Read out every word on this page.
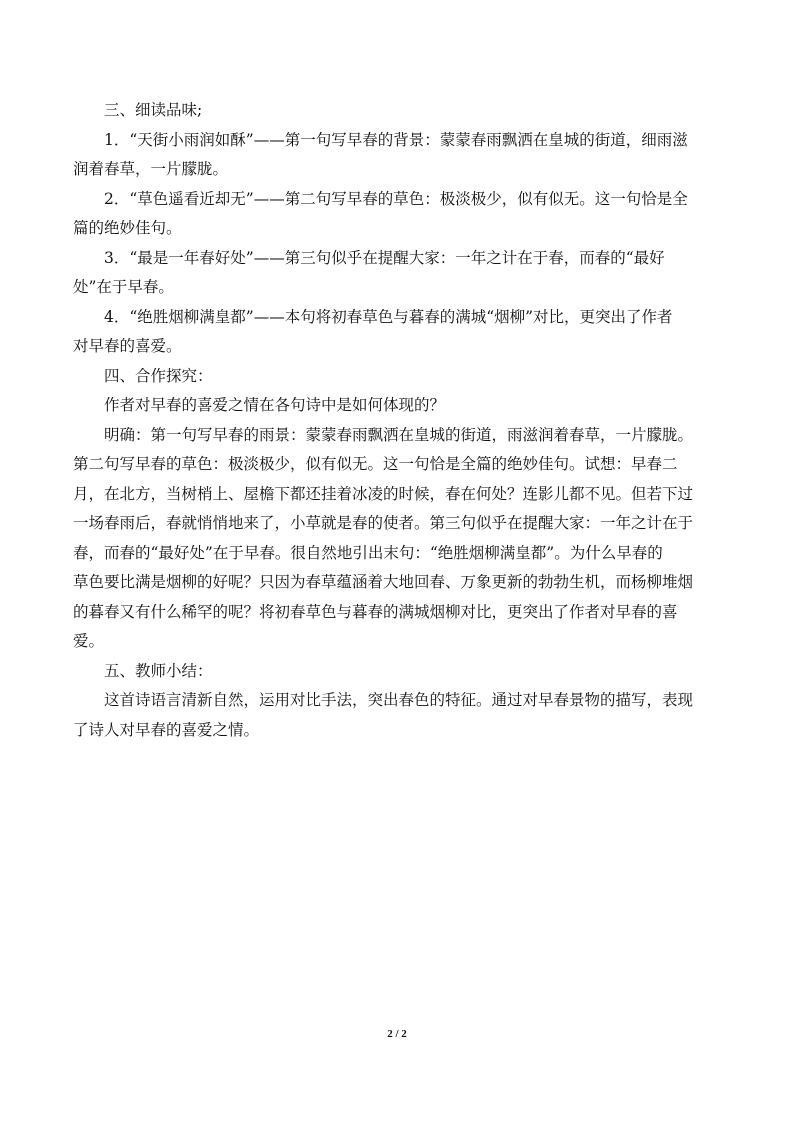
三、细读品味;
1．“天街小雨润如酥”——第一句写早春的背景：蒙蒙春雨飘洒在皇城的街道，细雨滋
润着春草，一片朦胧。
2．“草色遥看近却无”——第二句写早春的草色：极淡极少，似有似无。这一句恰是全
篇的绝妙佳句。
3．“最是一年春好处”——第三句似乎在提醒大家：一年之计在于春，而春的“最好
处”在于早春。
4．“绝胜烟柳满皇都”——本句将初春草色与暮春的满城“烟柳”对比，更突出了作者
对早春的喜爱。
四、合作探究：
作者对早春的喜爱之情在各句诗中是如何体现的？
明确：第一句写早春的雨景：蒙蒙春雨飘洒在皇城的街道，雨滋润着春草，一片朦胧。
第二句写早春的草色：极淡极少，似有似无。这一句恰是全篇的绝妙佳句。试想：早春二
月，在北方，当树梢上、屋檐下都还挂着冰凌的时候，春在何处？连影儿都不见。但若下过
一场春雨后，春就悄悄地来了，小草就是春的使者。第三句似乎在提醒大家：一年之计在于
春，而春的“最好处”在于早春。很自然地引出末句：“绝胜烟柳满皇都”。为什么早春的
草色要比满是烟柳的好呢？只因为春草蕴涵着大地回春、万象更新的勃勃生机，而杨柳堆烟
的暮春又有什么稀罕的呢？将初春草色与暮春的满城烟柳对比，更突出了作者对早春的喜
爱。
五、教师小结：
这首诗语言清新自然，运用对比手法，突出春色的特征。通过对早春景物的描写，表现
了诗人对早春的喜爱之情。
2 / 2
